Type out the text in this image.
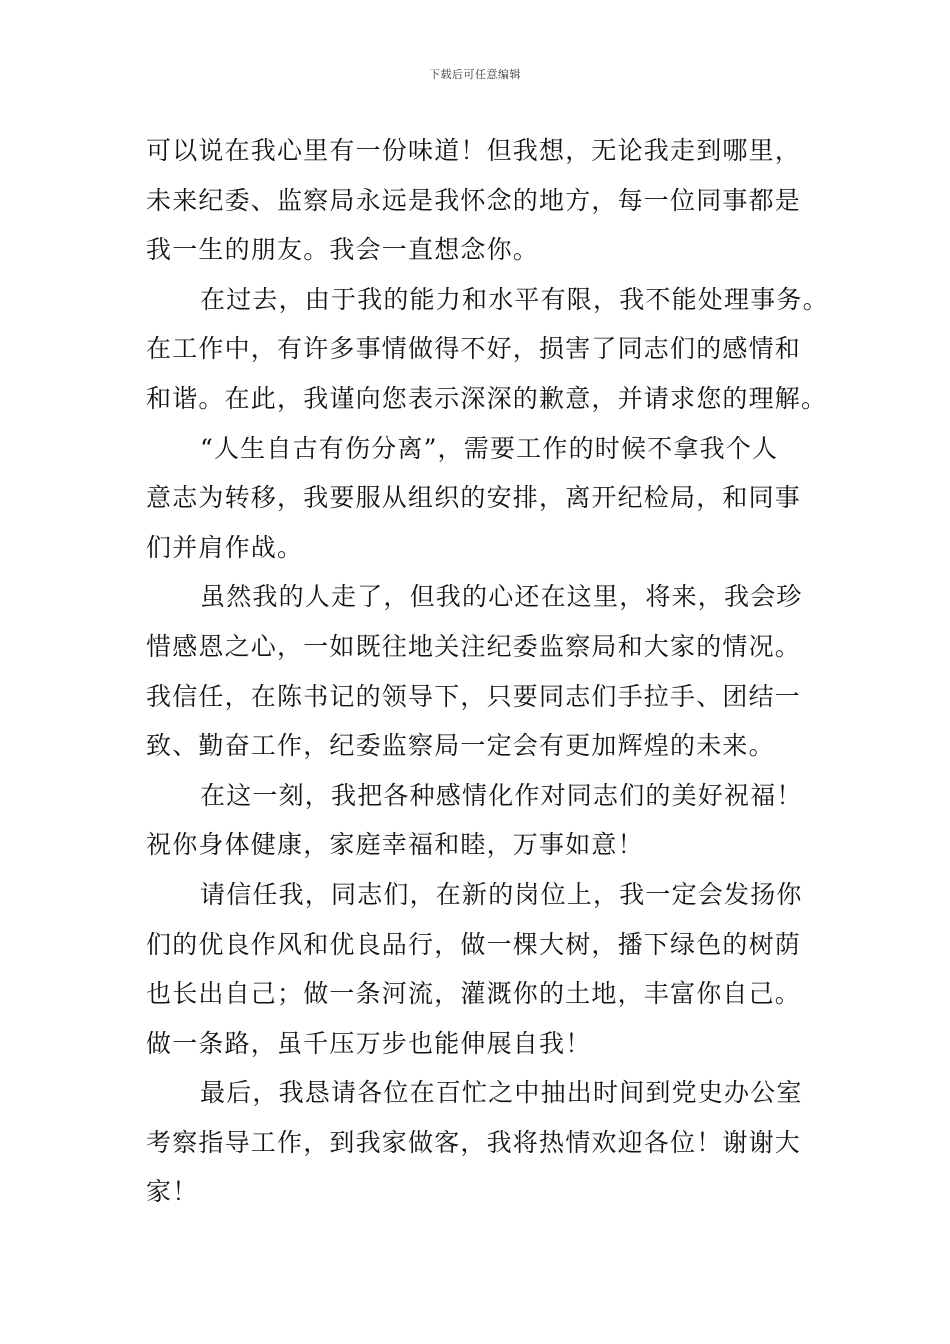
下载后可任意编辑
可以说在我心里有一份味道！但我想，无论我走到哪里，
未来纪委、监察局永远是我怀念的地方，每一位同事都是
我一生的朋友。我会一直想念你。
在过去，由于我的能力和水平有限，我不能处理事务。
在工作中，有许多事情做得不好，损害了同志们的感情和
和谐。在此，我谨向您表示深深的歉意，并请求您的理解。
“人生自古有伤分离”，需要工作的时候不拿我个人
意志为转移，我要服从组织的安排，离开纪检局，和同事
们并肩作战。
虽然我的人走了，但我的心还在这里，将来，我会珍
惜感恩之心，一如既往地关注纪委监察局和大家的情况。
我信任，在陈书记的领导下，只要同志们手拉手、团结一
致、勤奋工作，纪委监察局一定会有更加辉煌的未来。
在这一刻，我把各种感情化作对同志们的美好祝福！
祝你身体健康，家庭幸福和睦，万事如意！
请信任我，同志们，在新的岗位上，我一定会发扬你
们的优良作风和优良品行，做一棵大树，播下绿色的树荫
也长出自己；做一条河流，灌溉你的土地，丰富你自己。
做一条路，虽千压万步也能伸展自我！
最后，我恳请各位在百忙之中抽出时间到党史办公室
考察指导工作，到我家做客，我将热情欢迎各位！谢谢大
家！
